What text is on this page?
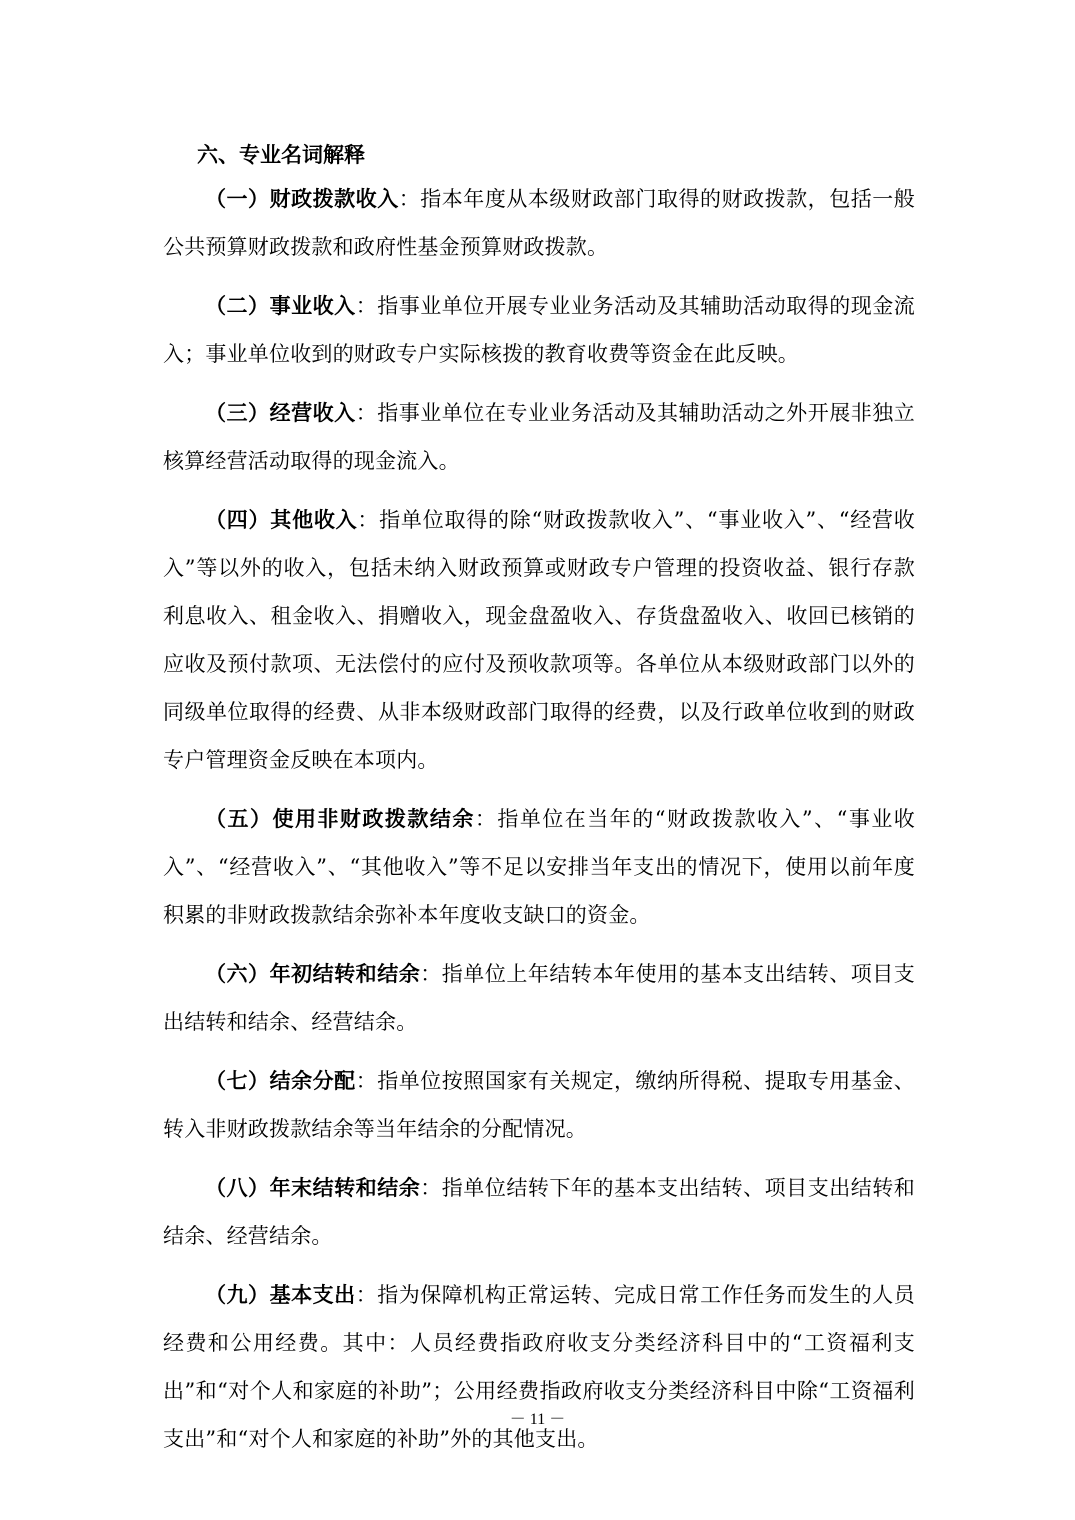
六、专业名词解释

（一）财政拨款收入：指本年度从本级财政部门取得的财政拨款，包括一般公共预算财政拨款和政府性基金预算财政拨款。

（二）事业收入：指事业单位开展专业业务活动及其辅助活动取得的现金流入；事业单位收到的财政专户实际核拨的教育收费等资金在此反映。

（三）经营收入：指事业单位在专业业务活动及其辅助活动之外开展非独立核算经营活动取得的现金流入。

（四）其他收入：指单位取得的除“财政拨款收入”、“事业收入”、“经营收入”等以外的收入，包括未纳入财政预算或财政专户管理的投资收益、银行存款利息收入、租金收入、捐赠收入，现金盘盈收入、存货盘盈收入、收回已核销的应收及预付款项、无法偿付的应付及预收款项等。各单位从本级财政部门以外的同级单位取得的经费、从非本级财政部门取得的经费，以及行政单位收到的财政专户管理资金反映在本项内。

（五）使用非财政拨款结余：指单位在当年的“财政拨款收入”、“事业收入”、“经营收入”、“其他收入”等不足以安排当年支出的情况下，使用以前年度积累的非财政拨款结余弥补本年度收支缺口的资金。

（六）年初结转和结余：指单位上年结转本年使用的基本支出结转、项目支出结转和结余、经营结余。

（七）结余分配：指单位按照国家有关规定，缴纳所得税、提取专用基金、转入非财政拨款结余等当年结余的分配情况。

（八）年末结转和结余：指单位结转下年的基本支出结转、项目支出结转和结余、经营结余。

（九）基本支出：指为保障机构正常运转、完成日常工作任务而发生的人员经费和公用经费。其中：人员经费指政府收支分类经济科目中的“工资福利支出”和“对个人和家庭的补助”；公用经费指政府收支分类经济科目中除“工资福利支出”和“对个人和家庭的补助”外的其他支出。

－ 11 －
